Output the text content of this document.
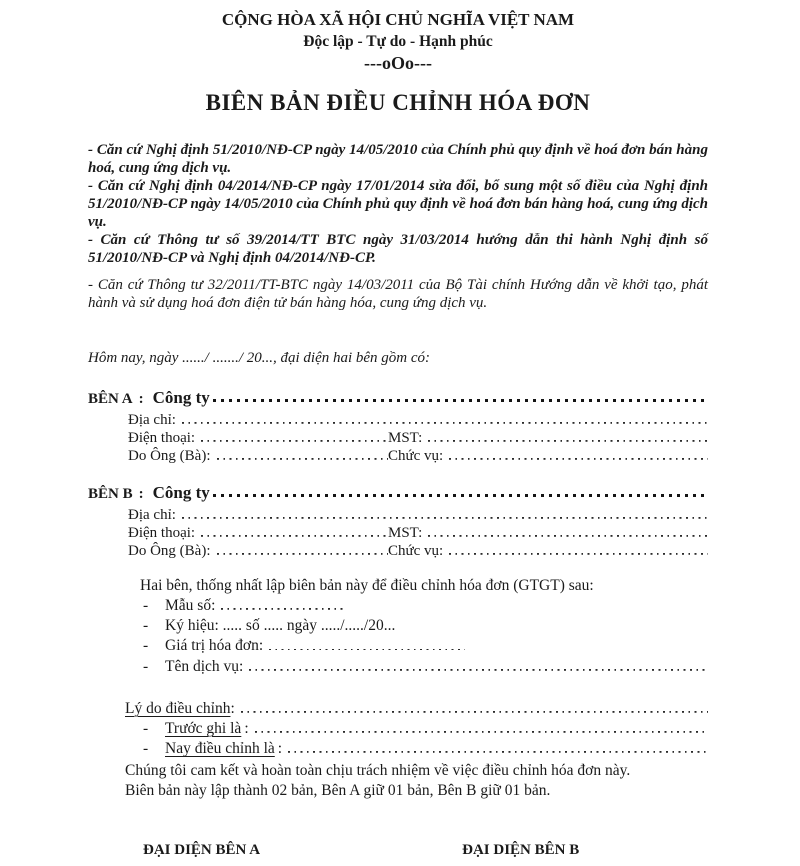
CỘNG HÒA XÃ HỘI CHỦ NGHĨA VIỆT NAM
Độc lập - Tự do - Hạnh phúc
---oOo---
BIÊN BẢN ĐIỀU CHỈNH HÓA ĐƠN

- Căn cứ Nghị định 51/2010/NĐ-CP ngày 14/05/2010 của Chính phủ quy định về hoá đơn bán hàng hoá, cung ứng dịch vụ.

- Căn cứ Nghị định 04/2014/NĐ-CP ngày 17/01/2014 sửa đổi, bổ sung một số điều của Nghị định 51/2010/NĐ-CP ngày 14/05/2010 của Chính phủ quy định về hoá đơn bán hàng hoá, cung ứng dịch vụ.

- Căn cứ Thông tư số 39/2014/TT BTC ngày 31/03/2014 hướng dẫn thi hành Nghị định số 51/2010/NĐ-CP và Nghị định 04/2014/NĐ-CP.

- Căn cứ Thông tư 32/2011/TT-BTC ngày 14/03/2011 của Bộ Tài chính Hướng dẫn về khởi tạo, phát hành và sử dụng hoá đơn điện tử bán hàng hóa, cung ứng dịch vụ.

Hôm nay, ngày ....../ ......./ 20..., đại diện hai bên gồm có:

BÊN A : Công ty
Địa chỉ:
Điện thoại:	MST:
Do Ông (Bà):	Chức vụ:
BÊN B : Công ty
Địa chỉ:
Điện thoại:	MST:
Do Ông (Bà):	Chức vụ:

Hai bên, thống nhất lập biên bản này để điều chỉnh hóa đơn (GTGT) sau:

-	Mẫu số:
-	Ký hiệu: ..... số ..... ngày ...../...../20...
-	Giá trị hóa đơn:
-	Tên dịch vụ:
Lý do điều chỉnh :
-	Trước ghi là :
-	Nay điều chỉnh là :

Chúng tôi cam kết và hoàn toàn chịu trách nhiệm về việc điều chỉnh hóa đơn này.

Biên bản này lập thành 02 bản, Bên A giữ 01 bản, Bên B giữ 01 bản.

ĐẠI DIỆN BÊN A	ĐẠI DIỆN BÊN B
